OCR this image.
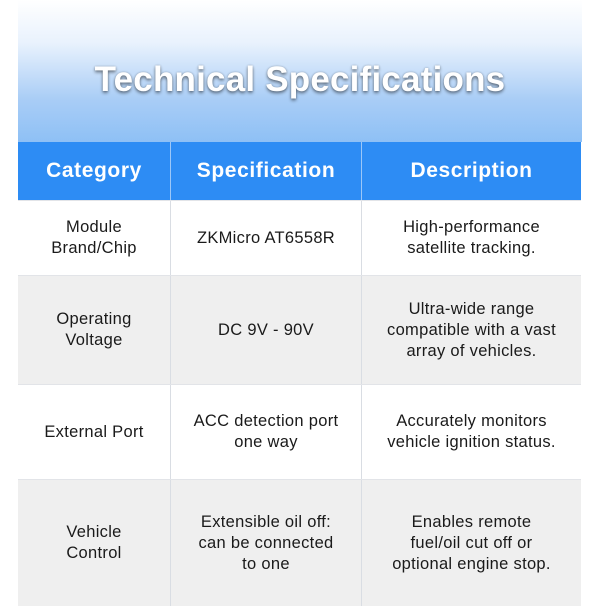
Technical Specifications
Category	Specification	Description
Module
Brand/Chip
ZKMicro AT6558R
High-performance
satellite tracking.
Operating
Voltage
DC 9V - 90V
Ultra-wide range
compatible with a vast
array of vehicles.
External Port
ACC detection port
one way
Accurately monitors
vehicle ignition status.
Vehicle
Control
Extensible oil off:
can be connected
to one
Enables remote
fuel/oil cut off or
optional engine stop.
